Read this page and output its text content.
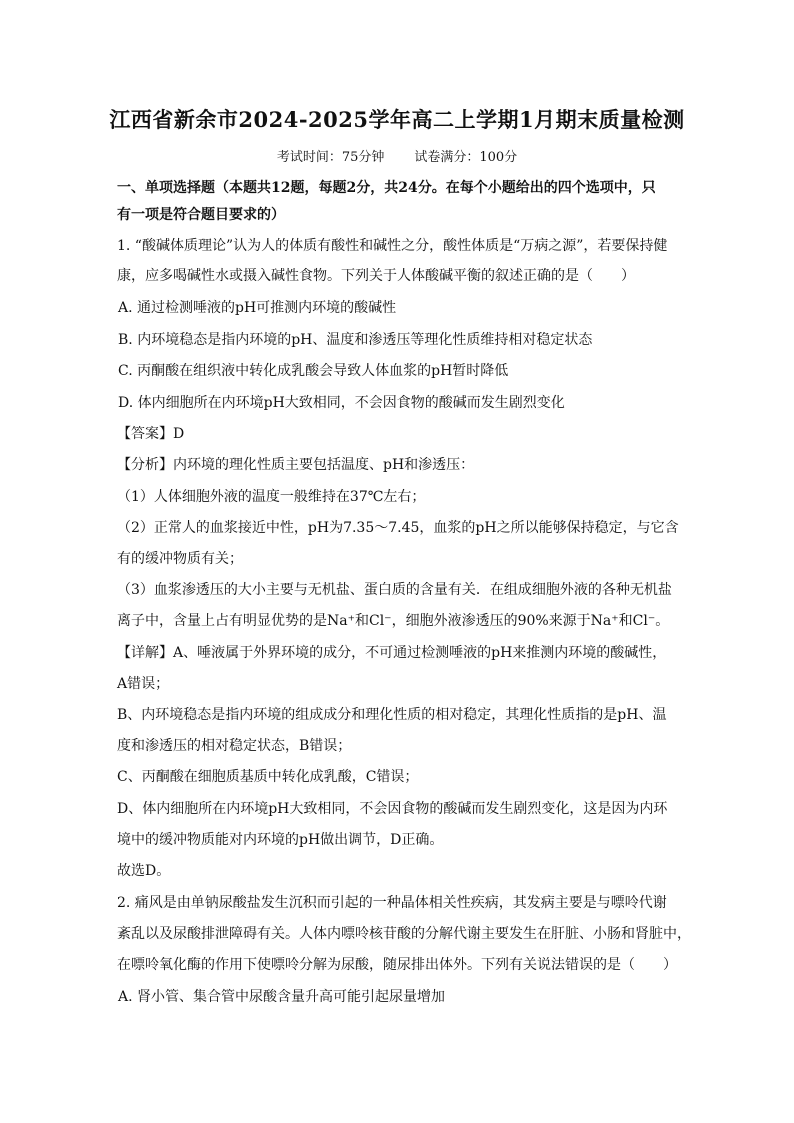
江西省新余市2024-2025学年高二上学期1月期末质量检测
考试时间：75分钟 试卷满分：100分
一、单项选择题（本题共12题，每题2分，共24分。在每个小题给出的四个选项中，只
有一项是符合题目要求的）
1. “酸碱体质理论”认为人的体质有酸性和碱性之分，酸性体质是“万病之源”，若要保持健
康，应多喝碱性水或摄入碱性食物。下列关于人体酸碱平衡的叙述正确的是（　　）
A. 通过检测唾液的pH可推测内环境的酸碱性
B. 内环境稳态是指内环境的pH、温度和渗透压等理化性质维持相对稳定状态
C. 丙酮酸在组织液中转化成乳酸会导致人体血浆的pH暂时降低
D. 体内细胞所在内环境pH大致相同，不会因食物的酸碱而发生剧烈变化
【答案】D
【分析】内环境的理化性质主要包括温度、pH和渗透压：
（1）人体细胞外液的温度一般维持在37℃左右；
（2）正常人的血浆接近中性，pH为7.35～7.45，血浆的pH之所以能够保持稳定，与它含
有的缓冲物质有关；
（3）血浆渗透压的大小主要与无机盐、蛋白质的含量有关．在组成细胞外液的各种无机盐
离子中，含量上占有明显优势的是Na⁺和Cl⁻，细胞外液渗透压的90%来源于Na⁺和Cl⁻。
【详解】A、唾液属于外界环境的成分，不可通过检测唾液的pH来推测内环境的酸碱性，
A错误；
B、内环境稳态是指内环境的组成成分和理化性质的相对稳定，其理化性质指的是pH、温
度和渗透压的相对稳定状态，B错误；
C、丙酮酸在细胞质基质中转化成乳酸，C错误；
D、体内细胞所在内环境pH大致相同，不会因食物的酸碱而发生剧烈变化，这是因为内环
境中的缓冲物质能对内环境的pH做出调节，D正确。
故选D。
2. 痛风是由单钠尿酸盐发生沉积而引起的一种晶体相关性疾病，其发病主要是与嘌呤代谢
紊乱以及尿酸排泄障碍有关。人体内嘌呤核苷酸的分解代谢主要发生在肝脏、小肠和肾脏中，
在嘌呤氧化酶的作用下使嘌呤分解为尿酸，随尿排出体外。下列有关说法错误的是（　　）
A. 肾小管、集合管中尿酸含量升高可能引起尿量增加
